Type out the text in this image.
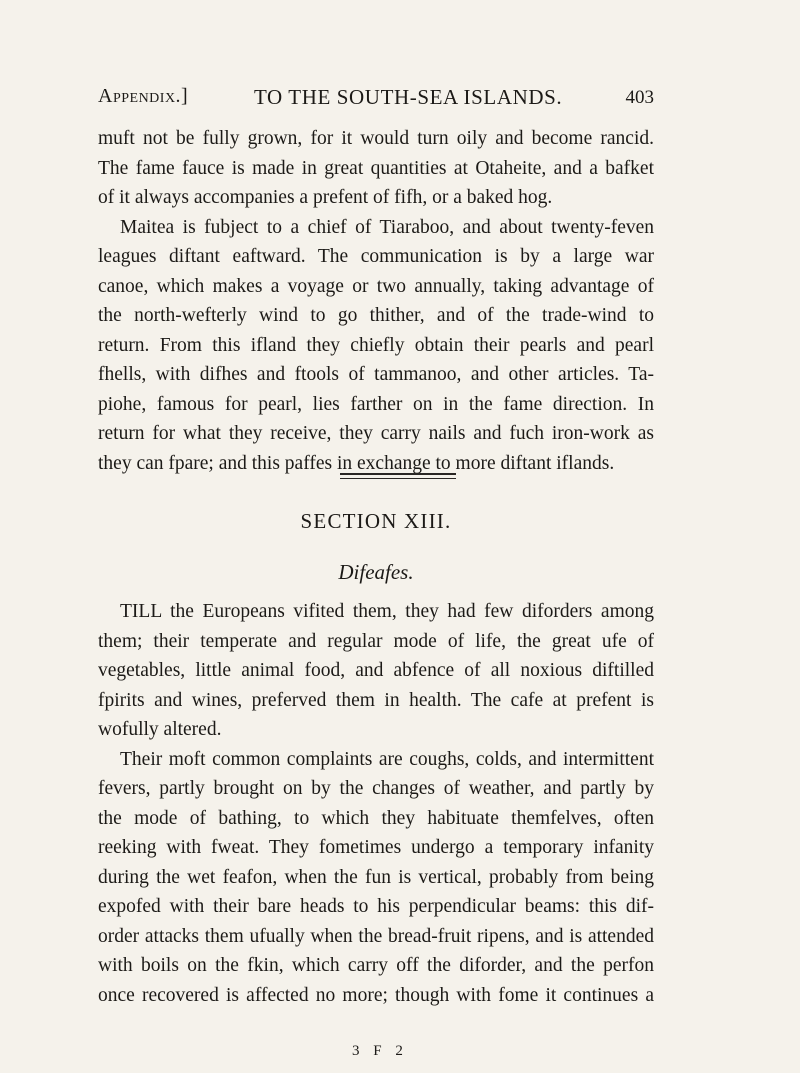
Appendix.]	TO THE SOUTH-SEA ISLANDS.	403
muft not be fully grown, for it would turn oily and become rancid.
The fame fauce is made in great quantities at Otaheite, and a bafket
of it always accompanies a prefent of fifh, or a baked hog.
Maitea is fubject to a chief of Tiaraboo, and about twenty-feven
leagues diftant eaftward. The communication is by a large war
canoe, which makes a voyage or two annually, taking advantage of
the north-wefterly wind to go thither, and of the trade-wind to
return. From this ifland they chiefly obtain their pearls and pearl
fhells, with difhes and ftools of tammanoo, and other articles. Ta-
piohe, famous for pearl, lies farther on in the fame direction. In
return for what they receive, they carry nails and fuch iron-work as
they can fpare; and this paffes in exchange to more diftant iflands.
SECTION XIII.
Difeafes.
TILL the Europeans vifited them, they had few diforders among
them; their temperate and regular mode of life, the great ufe of
vegetables, little animal food, and abfence of all noxious diftilled
fpirits and wines, preferved them in health. The cafe at prefent is
wofully altered.
Their moft common complaints are coughs, colds, and intermittent
fevers, partly brought on by the changes of weather, and partly by
the mode of bathing, to which they habituate themfelves, often
reeking with fweat. They fometimes undergo a temporary infanity
during the wet feafon, when the fun is vertical, probably from being
expofed with their bare heads to his perpendicular beams: this dif-
order attacks them ufually when the bread-fruit ripens, and is attended
with boils on the fkin, which carry off the diforder, and the perfon
once recovered is affected no more; though with fome it continues a
3 F 2
